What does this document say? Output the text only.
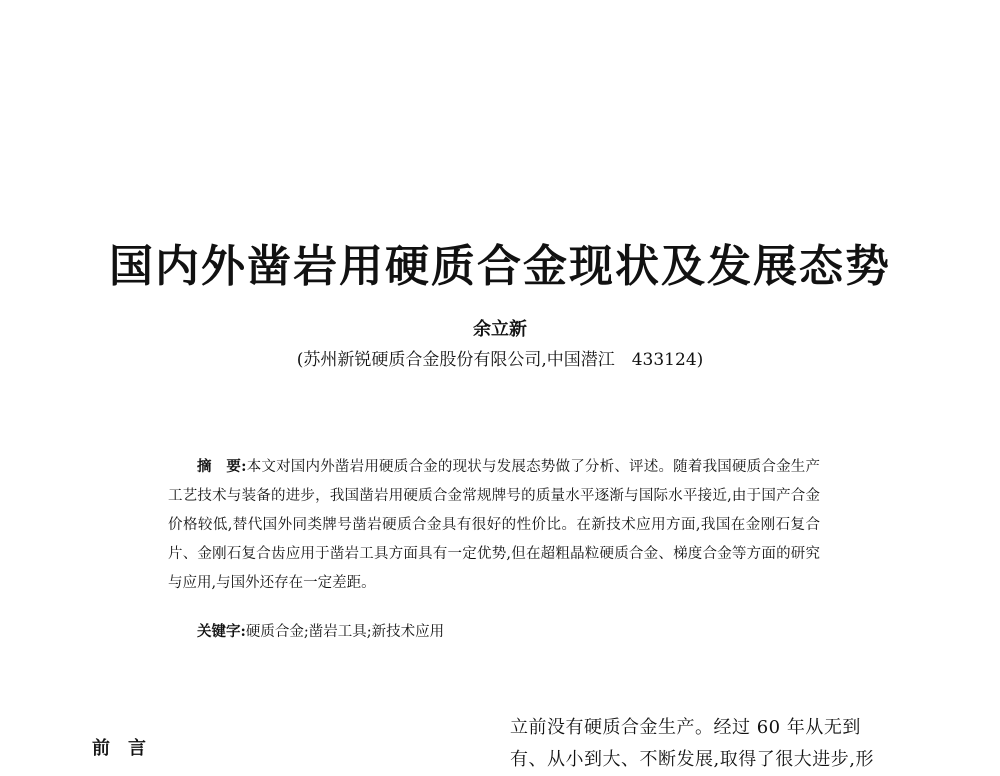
国内外凿岩用硬质合金现状及发展态势
余立新
(苏州新锐硬质合金股份有限公司,中国潜江　433124)

摘　要:本文对国内外凿岩用硬质合金的现状与发展态势做了分析、评述。随着我国硬质合金生产工艺技术与装备的进步，我国凿岩用硬质合金常规牌号的质量水平逐渐与国际水平接近,由于国产合金价格较低,替代国外同类牌号凿岩硬质合金具有很好的性价比。在新技术应用方面,我国在金刚石复合片、金刚石复合齿应用于凿岩工具方面具有一定优势,但在超粗晶粒硬质合金、梯度合金等方面的研究与应用,与国外还存在一定差距。

关键字:硬质合金;凿岩工具;新技术应用

前　言

立前没有硬质合金生产。经过 60 年从无到有、从小到大、不断发展,取得了很大进步,形
